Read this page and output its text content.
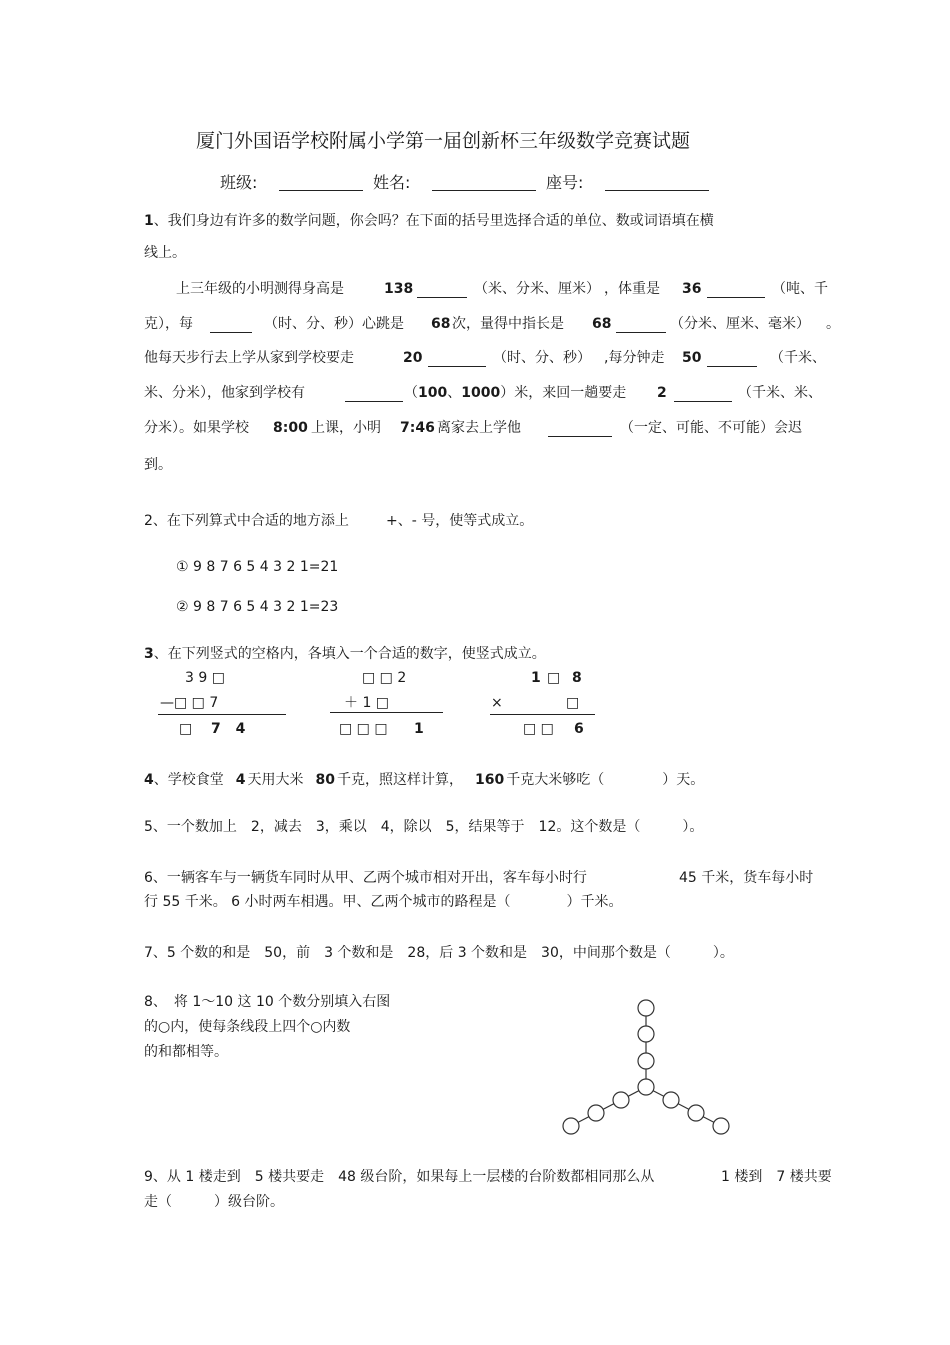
厦门外国语学校附属小学第一届创新杯三年级数学竞赛试题
班级:	姓名:	座号:
1、我们身边有许多的数学问题，你会吗？在下面的括号里选择合适的单位、数或词语填在横
线上。
上三年级的小明测得身高是	138	（米、分米、厘米） ，体重是 36	（吨、千
克），每	（时、分、秒）心跳是 68 次，量得中指长是 68	（分米、厘米、毫米） 。
他每天步行去上学从家到学校要走	20	（时、分、秒） ,每分钟走 50	（千米、
米、分米），他家到学校有	（100、1000）米，来回一趟要走 2	（千米、米、
分米）。如果学校 8:00 上课，小明 7:46 离家去上学他	（一定、可能、不可能）会迟
到。
2、在下列算式中合适的地方添上	+、- 号，使等式成立。
① 9 8 7 6 5 4 3 2 1=21
② 9 8 7 6 5 4 3 2 1=23
3、在下列竖式的空格内，各填入一个合适的数字，使竖式成立。
3 9 □
—□ □ 7
□ 7 4
□ □ 2
＋ 1 □
□ □ □ 1
1 □ 8
×	□
□ □ 6
4、学校食堂 4 天用大米 80 千克，照这样计算， 160 千克大米够吃（	）天。
5、一个数加上　2，减去　3，乘以　4，除以　5，结果等于　12。这个数是（　　　）。
6、一辆客车与一辆货车同时从甲、乙两个城市相对开出，客车每小时行	45 千米，货车每小时
行 55 千米。 6 小时两车相遇。甲、乙两个城市的路程是（　　　　）千米。
7、5 个数的和是　50，前　3 个数和是　28，后 3 个数和是　30，中间那个数是（　　　）。
8、　将 1～10 这 10 个数分别填入右图
的○内，使每条线段上四个○内数
的和都相等。
9、从 1 楼走到　5 楼共要走　48 级台阶，如果每上一层楼的台阶数都相同那么从	1 楼到　7 楼共要
走（　　　）级台阶。
